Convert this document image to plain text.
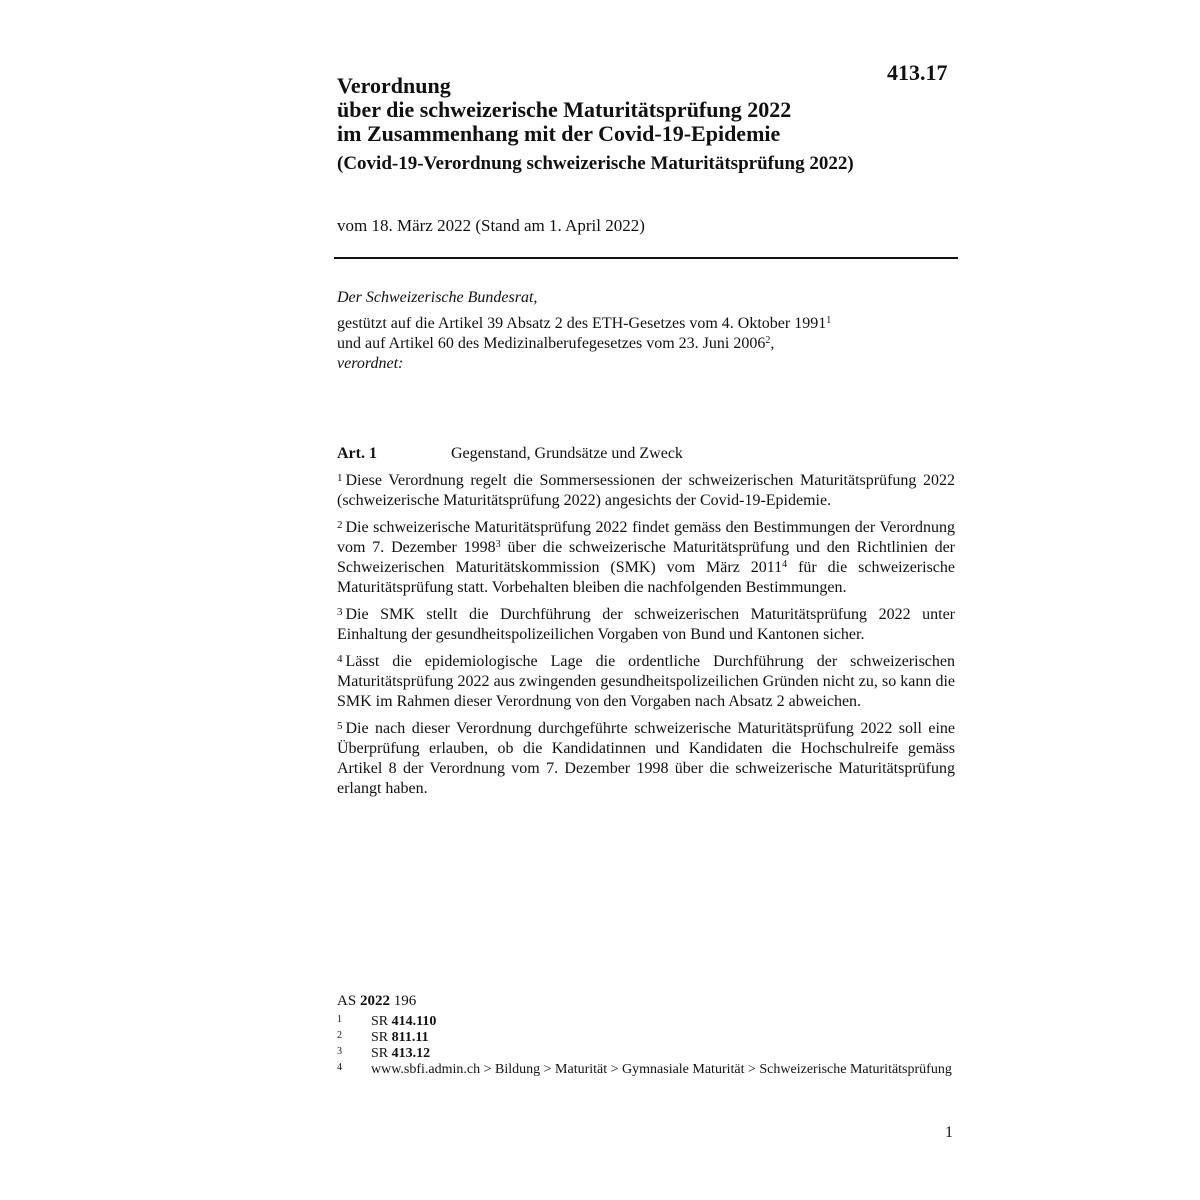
413.17
Verordnung
über die schweizerische Maturitätsprüfung 2022
im Zusammenhang mit der Covid-19-Epidemie
(Covid-19-Verordnung schweizerische Maturitätsprüfung 2022)
vom 18. März 2022 (Stand am 1. April 2022)
Der Schweizerische Bundesrat,
gestützt auf die Artikel 39 Absatz 2 des ETH-Gesetzes vom 4. Oktober 1991$^1$
und auf Artikel 60 des Medizinalberufegesetzes vom 23. Juni 2006$^2$,
verordnet:
Art. 1	Gegenstand, Grundsätze und Zweck

$^1$ Diese Verordnung regelt die Sommersessionen der schweizerischen Maturitätsprüfung 2022 (schweizerische Maturitätsprüfung 2022) angesichts der Covid-19-Epidemie.

$^2$ Die schweizerische Maturitätsprüfung 2022 findet gemäss den Bestimmungen der Verordnung vom 7. Dezember 1998$^3$ über die schweizerische Maturitätsprüfung und den Richtlinien der Schweizerischen Maturitätskommission (SMK) vom März 2011$^4$ für die schweizerische Maturitätsprüfung statt. Vorbehalten bleiben die nachfolgenden Bestimmungen.

$^3$ Die SMK stellt die Durchführung der schweizerischen Maturitätsprüfung 2022 unter Einhaltung der gesundheitspolizeilichen Vorgaben von Bund und Kantonen sicher.

$^4$ Lässt die epidemiologische Lage die ordentliche Durchführung der schweizerischen Maturitätsprüfung 2022 aus zwingenden gesundheitspolizeilichen Gründen nicht zu, so kann die SMK im Rahmen dieser Verordnung von den Vorgaben nach Absatz 2 abweichen.

$^5$ Die nach dieser Verordnung durchgeführte schweizerische Maturitätsprüfung 2022 soll eine Überprüfung erlauben, ob die Kandidatinnen und Kandidaten die Hochschulreife gemäss Artikel 8 der Verordnung vom 7. Dezember 1998 über die schweizerische Maturitätsprüfung erlangt haben.

AS 2022 196
1	SR 414.110
2	SR 811.11
3	SR 413.12
4	www.sbfi.admin.ch > Bildung > Maturität > Gymnasiale Maturität > Schweizerische Maturitätsprüfung
1
